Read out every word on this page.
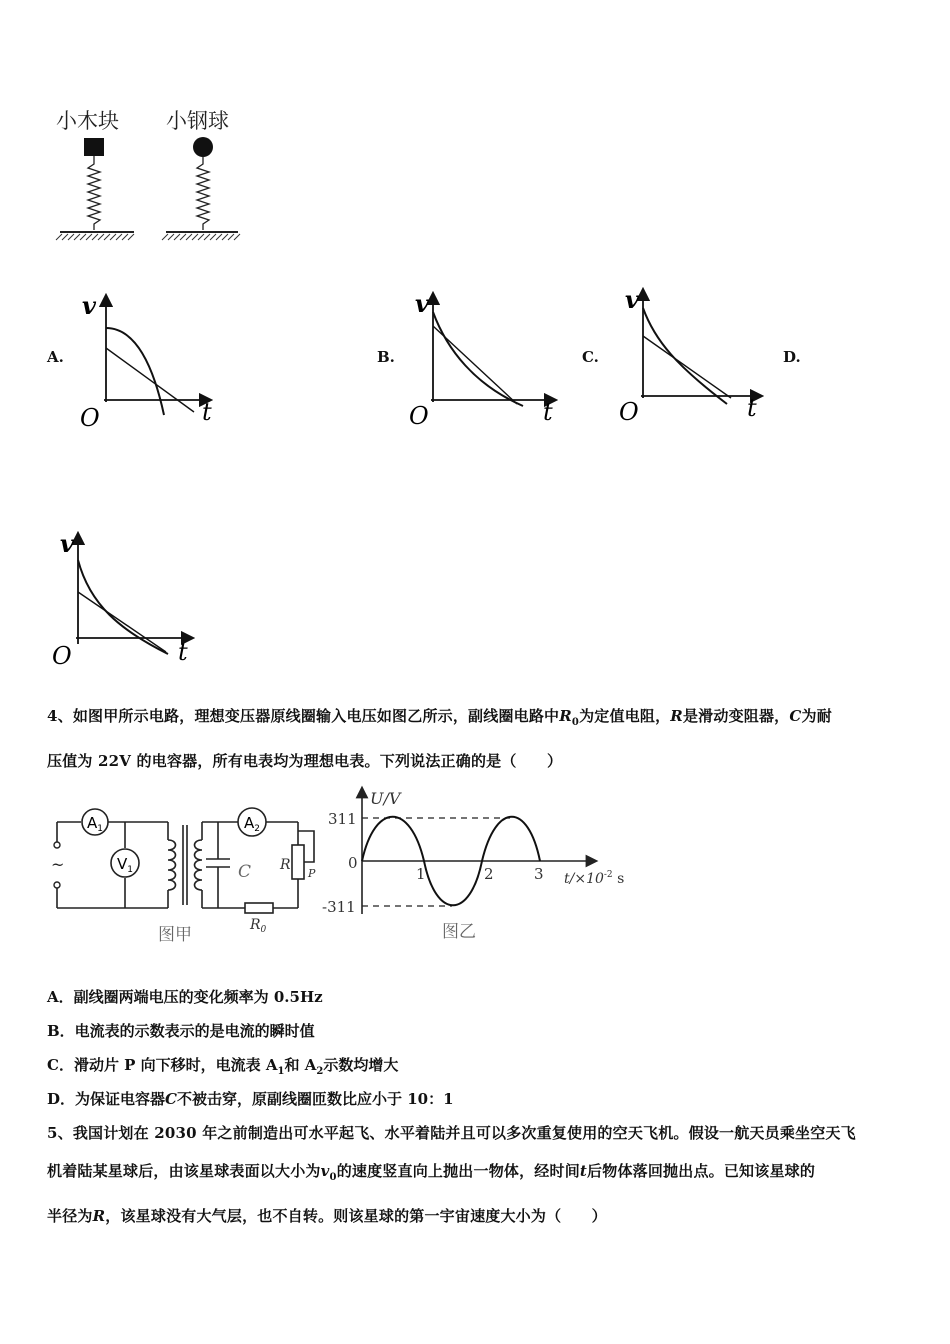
小木块 小钢球
A.	B.	C.	D.
v
t
O
v
t
O
v
t
O
v
t
O
4、如图甲所示电路，理想变压器原线圈输入电压如图乙所示，副线圈电路中$R_0$为定值电阻，R是滑动变阻器，C为耐
压值为 22V 的电容器，所有电表均为理想电表。下列说法正确的是（　　）
~
$A_1$
$V_1$
$A_2$
C R
P
$R_0$
图甲
U/V
311
0
-311
1	2	3 $t/\times 10^{-2}$ s
图乙
A．副线圈两端电压的变化频率为 0.5Hz
B．电流表的示数表示的是电流的瞬时值
C．滑动片 P 向下移时，电流表 $A_1$和 $A_2$示数均增大
D．为保证电容器C不被击穿，原副线圈匝数比应小于 10：1
5、我国计划在 2030 年之前制造出可水平起飞、水平着陆并且可以多次重复使用的空天飞机。假设一航天员乘坐空天飞
机着陆某星球后，由该星球表面以大小为$v_0$的速度竖直向上抛出一物体，经时间t后物体落回抛出点。已知该星球的
半径为R，该星球没有大气层，也不自转。则该星球的第一宇宙速度大小为（　　）
